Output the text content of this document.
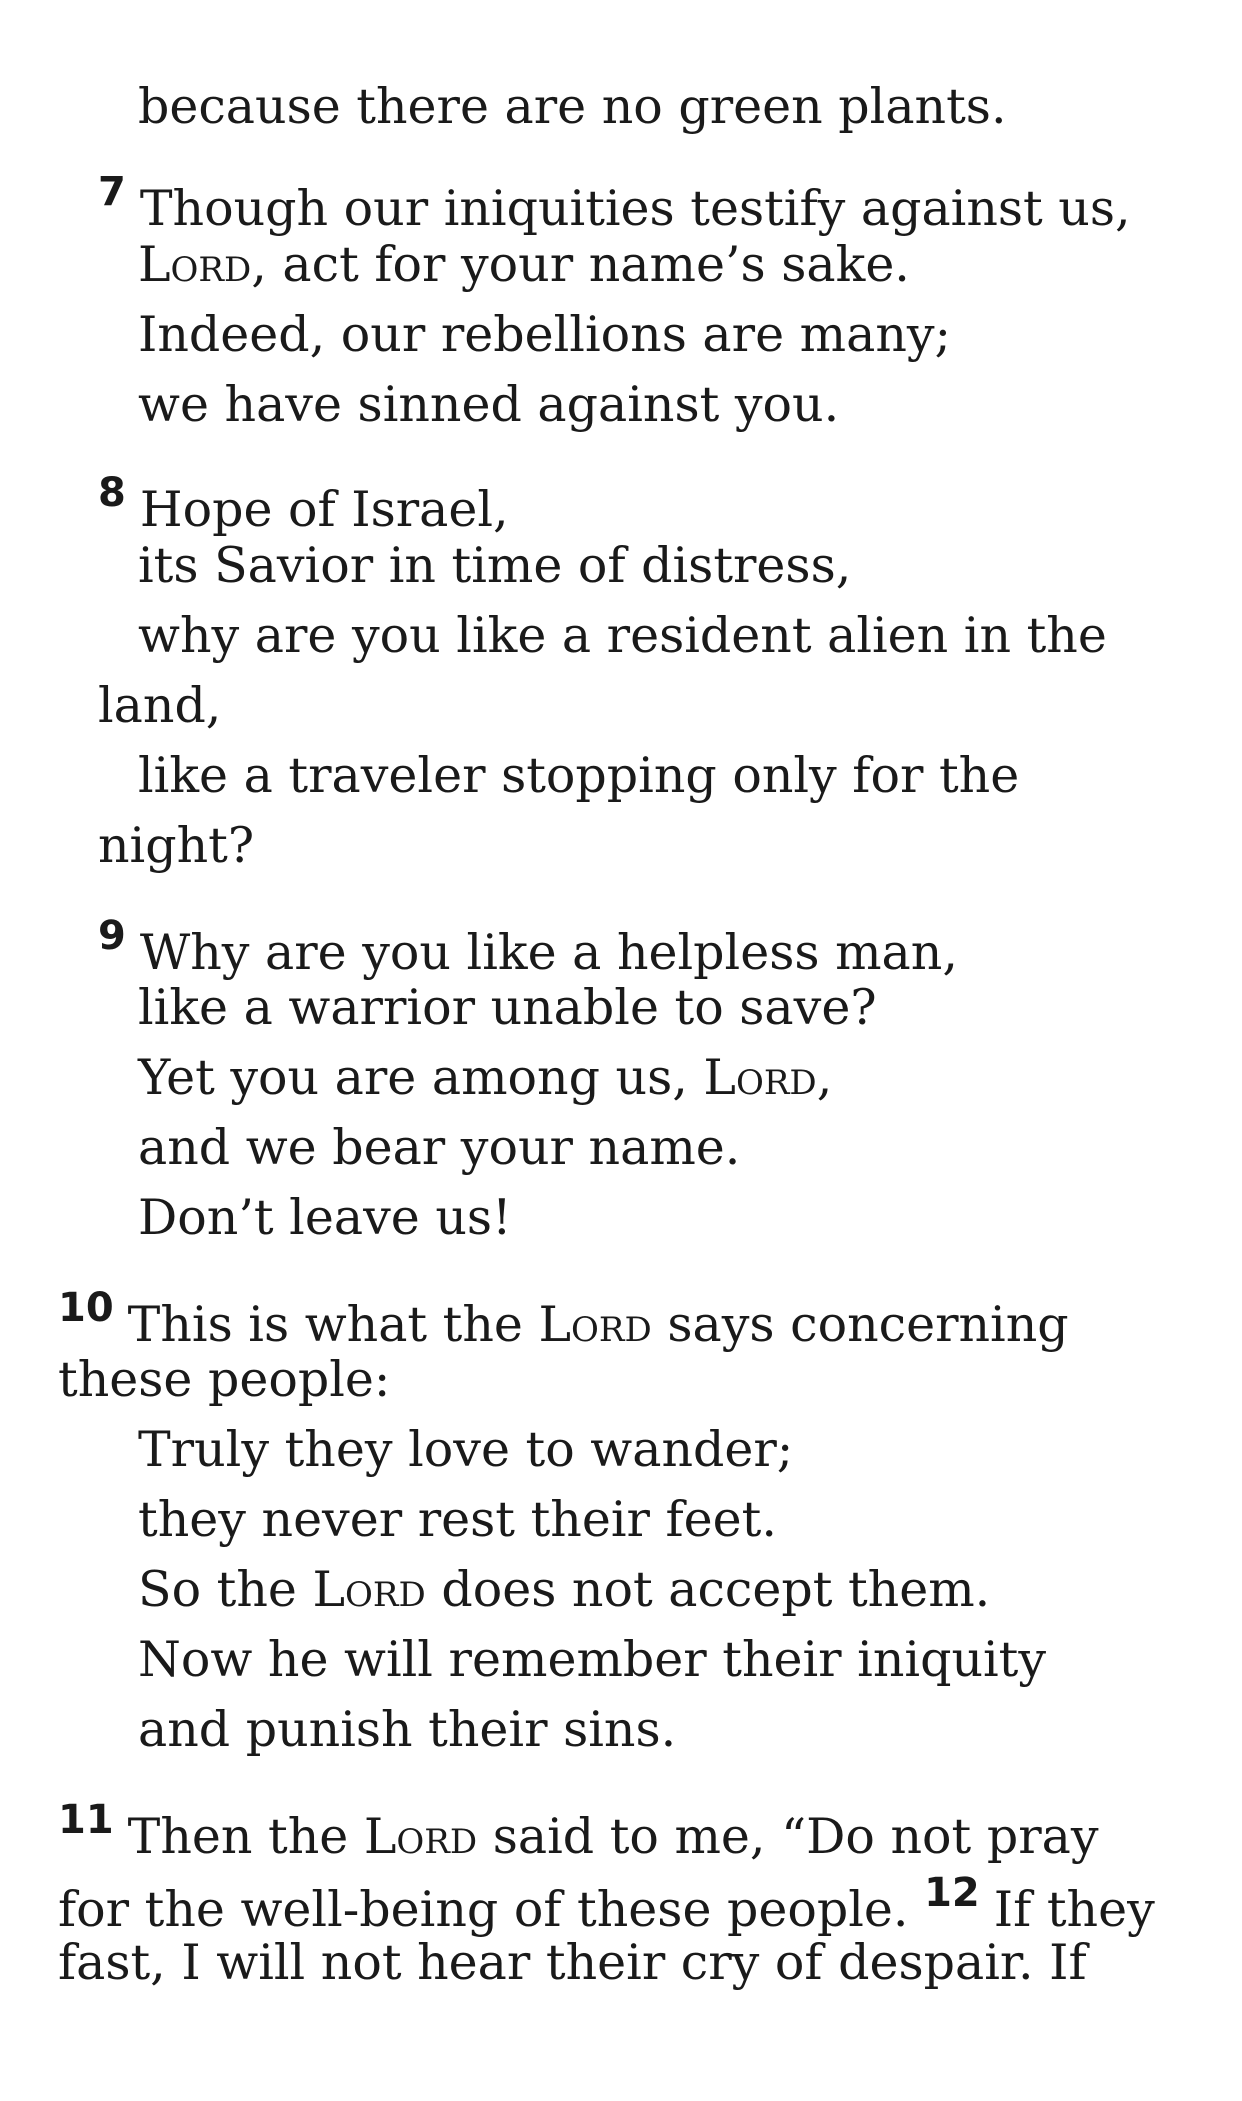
because there are no green plants.
$^7$ Though our iniquities testify against us,
Lord, act for your name’s sake.
Indeed, our rebellions are many;
we have sinned against you.
$^8$ Hope of Israel,
its Savior in time of distress,
why are you like a resident alien in the
land,
like a traveler stopping only for the
night?
$^9$ Why are you like a helpless man,
like a warrior unable to save?
Yet you are among us, Lord,
and we bear your name.
Don’t leave us!
$^{10}$ This is what the Lord says concerning
these people:
Truly they love to wander;
they never rest their feet.
So the Lord does not accept them.
Now he will remember their iniquity
and punish their sins.
$^{11}$ Then the Lord said to me, “Do not pray
for the well-being of these people. $^{12}$ If they
fast, I will not hear their cry of despair. If
